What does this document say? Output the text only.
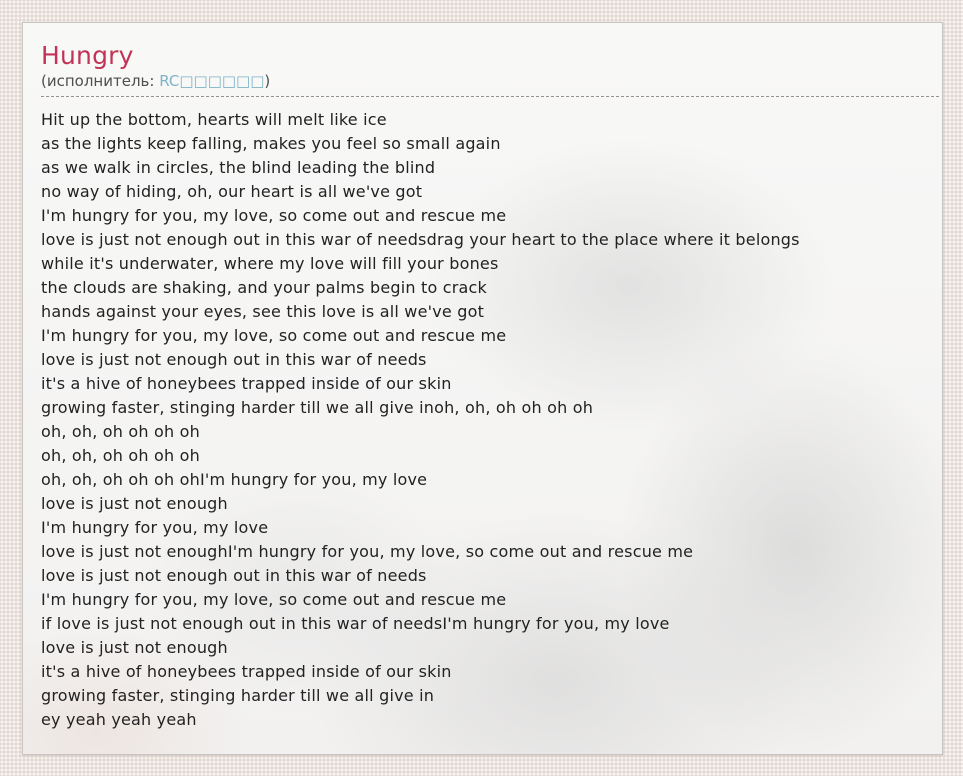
Hungry
(исполнитель: RC□□□□□□)
Hit up the bottom, hearts will melt like ice
as the lights keep falling, makes you feel so small again
as we walk in circles, the blind leading the blind
no way of hiding, oh, our heart is all we've got
I'm hungry for you, my love, so come out and rescue me
love is just not enough out in this war of needsdrag your heart to the place where it belongs
while it's underwater, where my love will fill your bones
the clouds are shaking, and your palms begin to crack
hands against your eyes, see this love is all we've got
I'm hungry for you, my love, so come out and rescue me
love is just not enough out in this war of needs
it's a hive of honeybees trapped inside of our skin
growing faster, stinging harder till we all give inoh, oh, oh oh oh oh
oh, oh, oh oh oh oh
oh, oh, oh oh oh oh
oh, oh, oh oh oh ohI'm hungry for you, my love
love is just not enough
I'm hungry for you, my love
love is just not enoughI'm hungry for you, my love, so come out and rescue me
love is just not enough out in this war of needs
I'm hungry for you, my love, so come out and rescue me
if love is just not enough out in this war of needsI'm hungry for you, my love
love is just not enough
it's a hive of honeybees trapped inside of our skin
growing faster, stinging harder till we all give in
ey yeah yeah yeah
